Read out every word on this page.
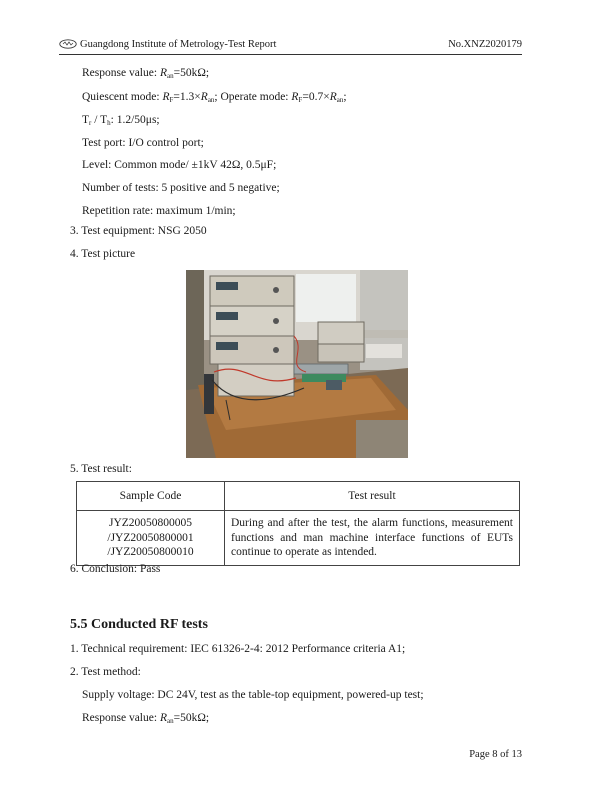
Guangdong Institute of Metrology-Test Report	No.XNZ2020179
Response value: $R_{an}=50k\Omega$;
Quiescent mode: $R_F=1.3\times R_{an}$; Operate mode: $R_F=0.7\times R_{an}$;
$T_r / T_h$: 1.2/50μs;
Test port: I/O control port;
Level: Common mode/ ±1kV 42Ω, 0.5μF;
Number of tests: 5 positive and 5 negative;
Repetition rate: maximum 1/min;
3. Test equipment: NSG 2050
4. Test picture
5. Test result:
Sample Code	Test result

JYZ20050800005
/JYZ20050800001
/JYZ20050800010	During and after the test, the alarm functions, measurement functions and man machine interface functions of EUTs continue to operate as intended.
6. Conclusion: Pass
5.5 Conducted RF tests
1. Technical requirement: IEC 61326-2-4: 2012 Performance criteria A1;
2. Test method:
Supply voltage: DC 24V, test as the table-top equipment, powered-up test;
Response value: $R_{an}=50k\Omega$;
Page 8 of 13
